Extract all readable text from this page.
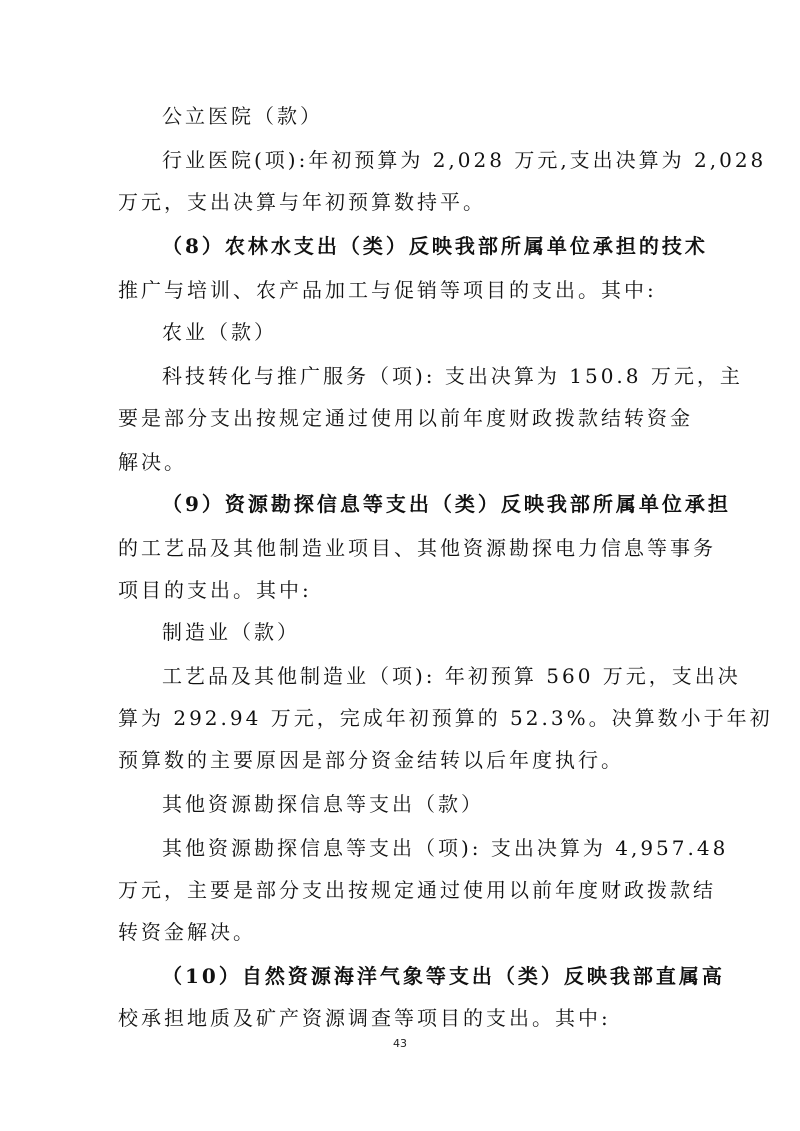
公立医院（款）
行业医院(项):年初预算为 2,028 万元,支出决算为 2,028
万元，支出决算与年初预算数持平。
（8）农林水支出（类）反映我部所属单位承担的技术
推广与培训、农产品加工与促销等项目的支出。其中:
农业（款）
科技转化与推广服务（项): 支出决算为 150.8 万元，主
要是部分支出按规定通过使用以前年度财政拨款结转资金
解决。
（9）资源勘探信息等支出（类）反映我部所属单位承担
的工艺品及其他制造业项目、其他资源勘探电力信息等事务
项目的支出。其中:
制造业（款）
工艺品及其他制造业（项): 年初预算 560 万元，支出决
算为 292.94 万元，完成年初预算的 52.3%。决算数小于年初
预算数的主要原因是部分资金结转以后年度执行。
其他资源勘探信息等支出（款）
其他资源勘探信息等支出（项): 支出决算为 4,957.48
万元，主要是部分支出按规定通过使用以前年度财政拨款结
转资金解决。
（10）自然资源海洋气象等支出（类）反映我部直属高
校承担地质及矿产资源调查等项目的支出。其中:
43
